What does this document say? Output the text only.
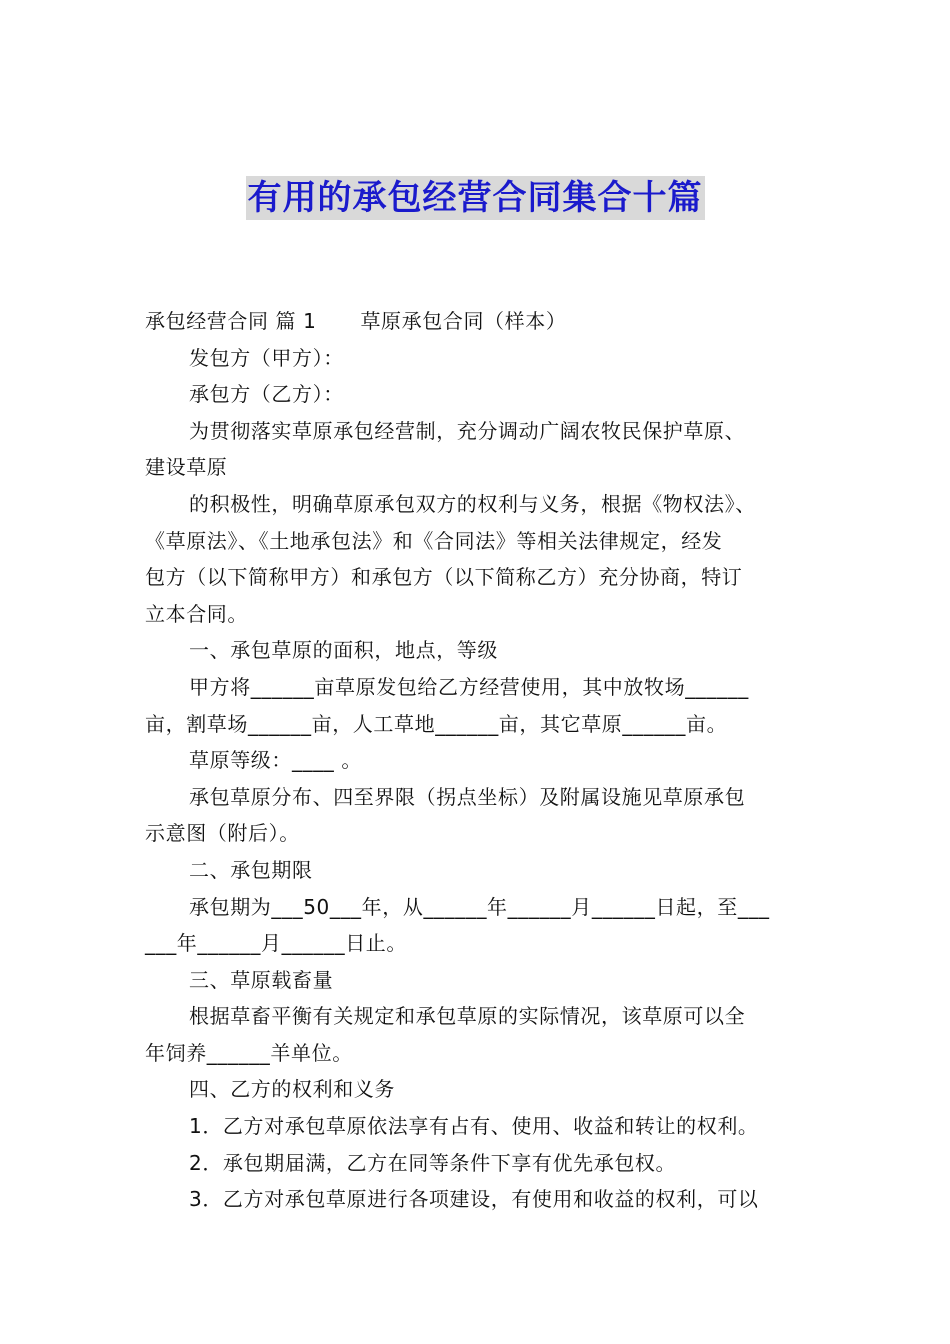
有用的承包经营合同集合十篇

承包经营合同 篇 1 草原承包合同（样本）

发包方（甲方）：

承包方（乙方）：

为贯彻落实草原承包经营制，充分调动广阔农牧民保护草原、

建设草原

的积极性，明确草原承包双方的权利与义务，根据《物权法》、

《草原法》、《土地承包法》和《合同法》等相关法律规定，经发

包方（以下简称甲方）和承包方（以下简称乙方）充分协商，特订

立本合同。

一、承包草原的面积，地点，等级

甲方将______亩草原发包给乙方经营使用，其中放牧场______

亩，割草场______亩，人工草地______亩，其它草原______亩。

草原等级：____ 。

承包草原分布、四至界限（拐点坐标）及附属设施见草原承包

示意图（附后）。

二、承包期限

承包期为___50___年，从______年______月______日起，至___

___年______月______日止。

三、草原载畜量

根据草畜平衡有关规定和承包草原的实际情况，该草原可以全

年饲养______羊单位。

四、乙方的权利和义务

1．乙方对承包草原依法享有占有、使用、收益和转让的权利。

2．承包期届满，乙方在同等条件下享有优先承包权。

3．乙方对承包草原进行各项建设，有使用和收益的权利，可以
